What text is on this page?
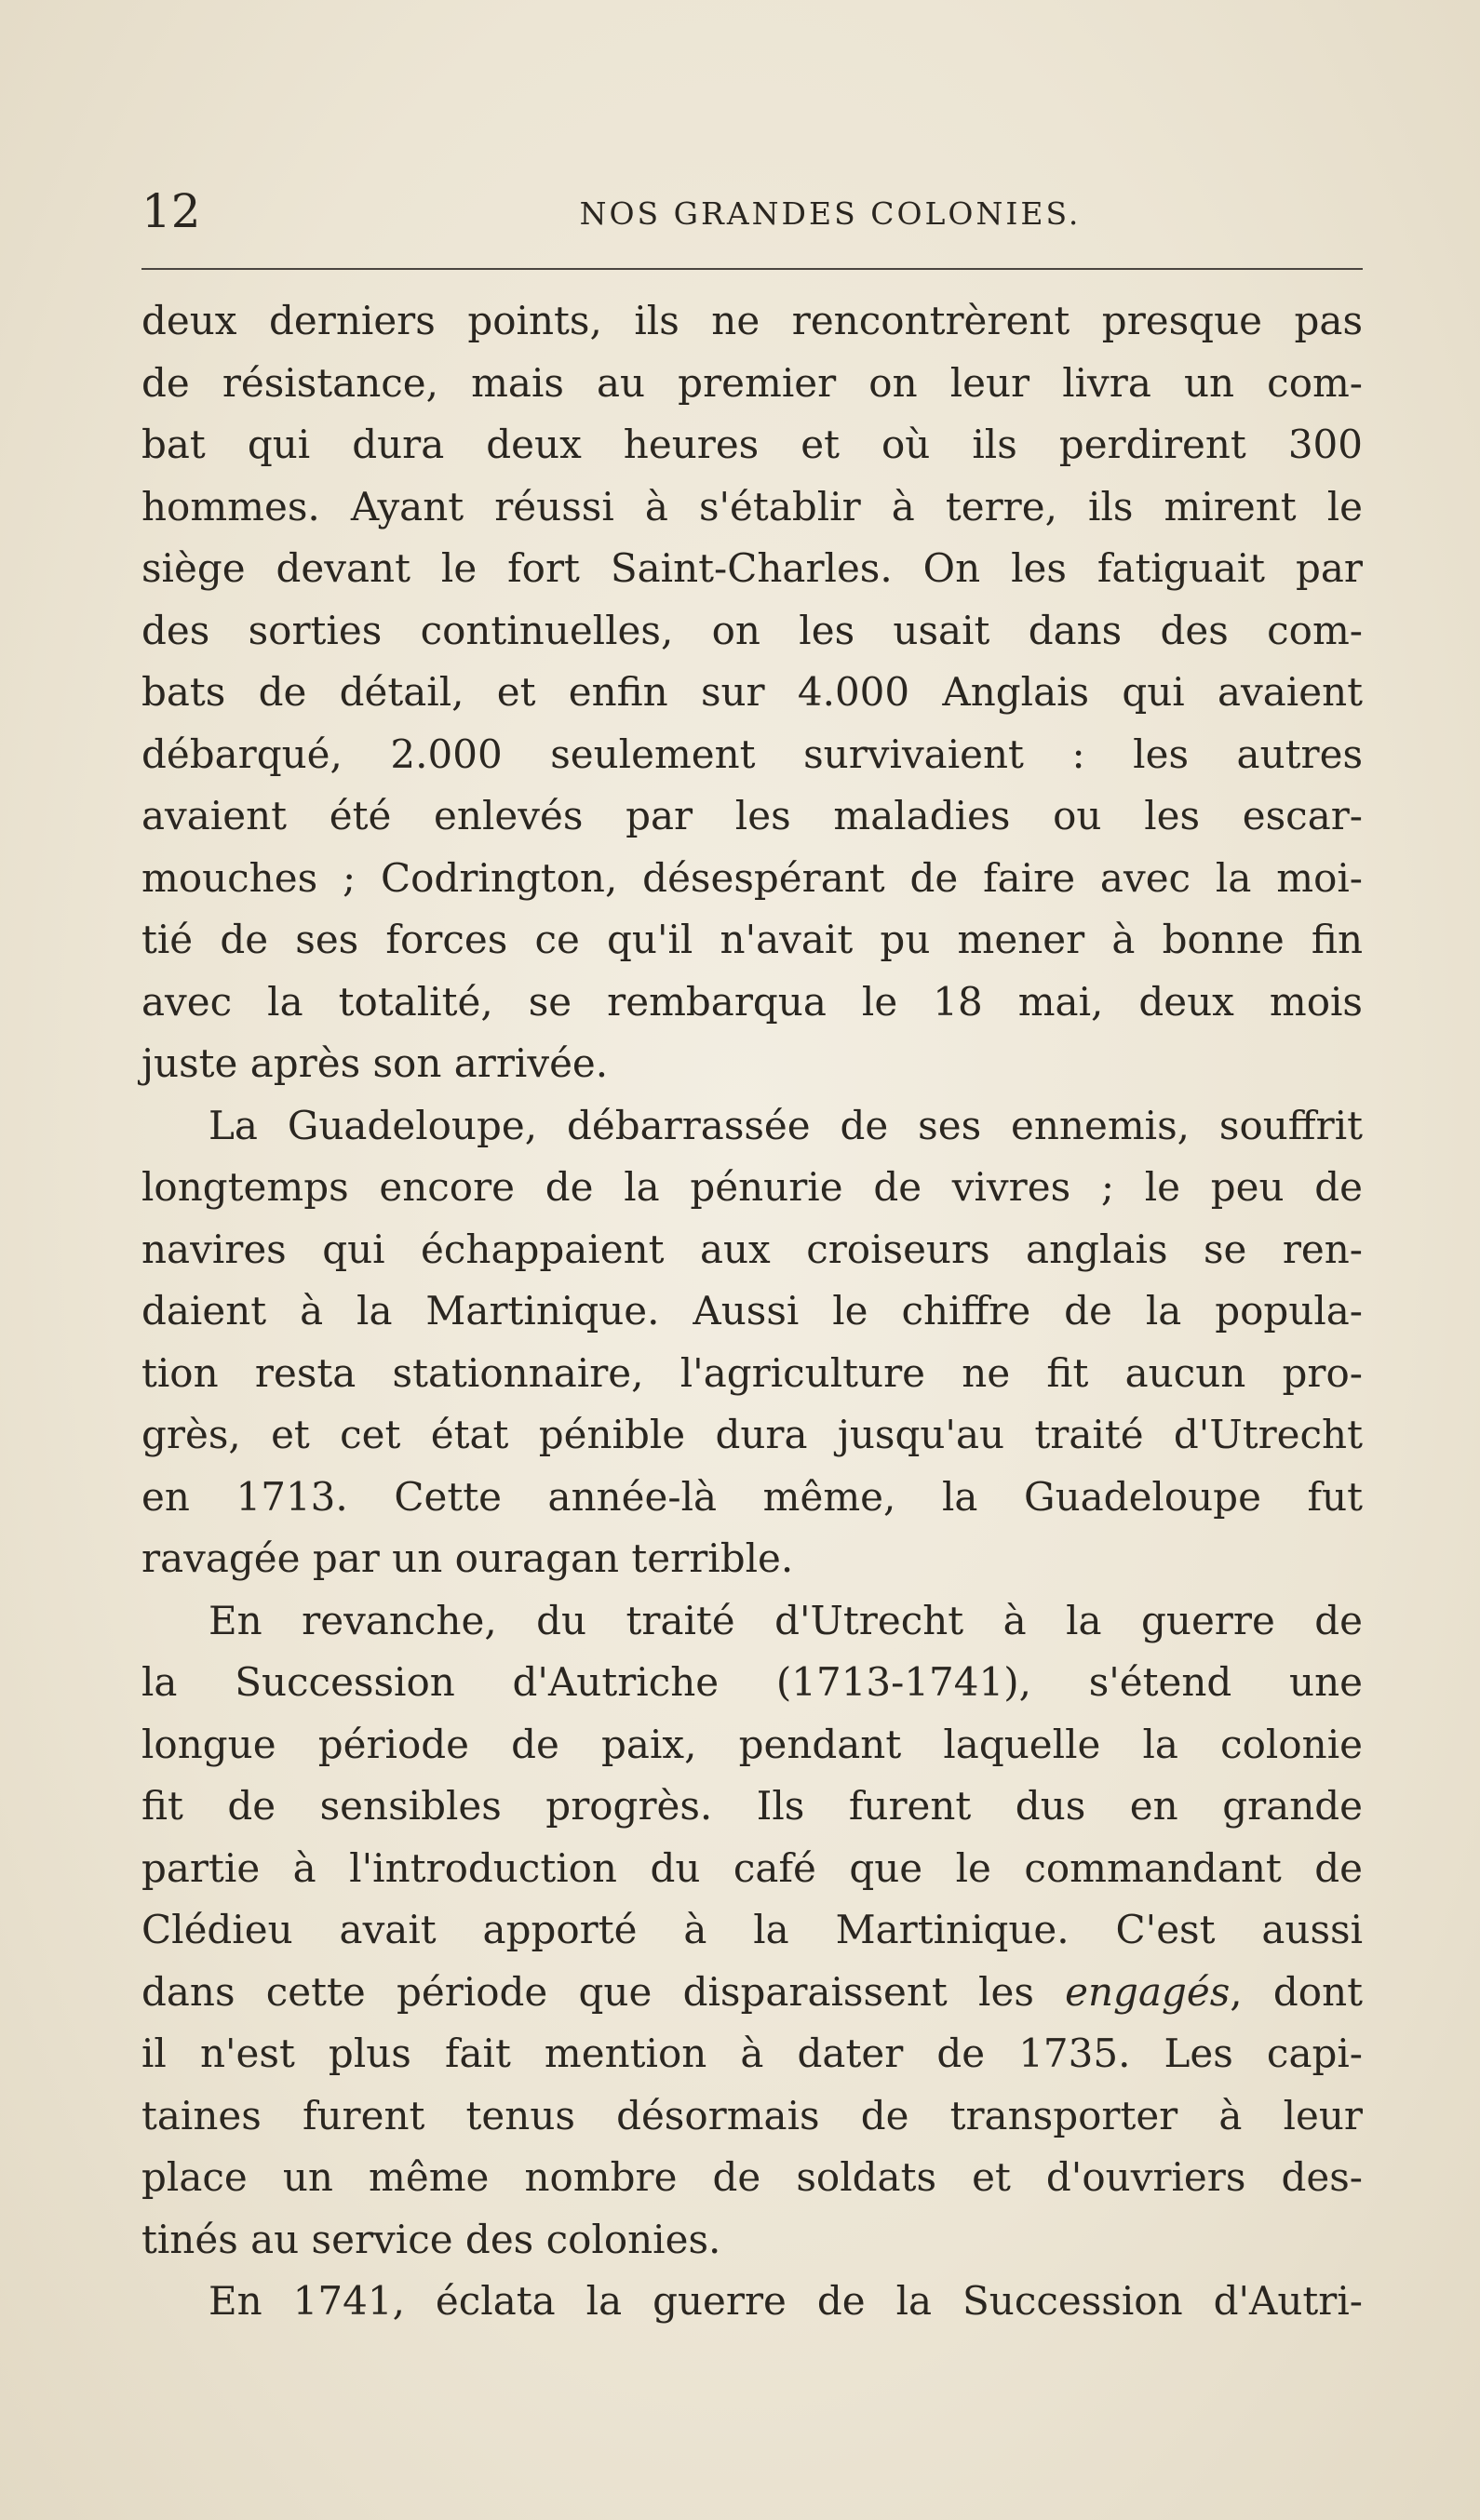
12	NOS GRANDES COLONIES.
deux derniers points, ils ne rencontrèrent presque pas
de résistance, mais au premier on leur livra un com-
bat qui dura deux heures et où ils perdirent 300
hommes. Ayant réussi à s'établir à terre, ils mirent le
siège devant le fort Saint-Charles. On les fatiguait par
des sorties continuelles, on les usait dans des com-
bats de détail, et enfin sur 4.000 Anglais qui avaient
débarqué, 2.000 seulement survivaient : les autres
avaient été enlevés par les maladies ou les escar-
mouches ; Codrington, désespérant de faire avec la moi-
tié de ses forces ce qu'il n'avait pu mener à bonne fin
avec la totalité, se rembarqua le 18 mai, deux mois
juste après son arrivée.
La Guadeloupe, débarrassée de ses ennemis, souffrit
longtemps encore de la pénurie de vivres ; le peu de
navires qui échappaient aux croiseurs anglais se ren-
daient à la Martinique. Aussi le chiffre de la popula-
tion resta stationnaire, l'agriculture ne fit aucun pro-
grès, et cet état pénible dura jusqu'au traité d'Utrecht
en 1713. Cette année-là même, la Guadeloupe fut
ravagée par un ouragan terrible.
En revanche, du traité d'Utrecht à la guerre de
la Succession d'Autriche (1713-1741), s'étend une
longue période de paix, pendant laquelle la colonie
fit de sensibles progrès. Ils furent dus en grande
partie à l'introduction du café que le commandant de
Clédieu avait apporté à la Martinique. C'est aussi
dans cette période que disparaissent les engagés, dont
il n'est plus fait mention à dater de 1735. Les capi-
taines furent tenus désormais de transporter à leur
place un même nombre de soldats et d'ouvriers des-
tinés au service des colonies.
En 1741, éclata la guerre de la Succession d'Autri-
